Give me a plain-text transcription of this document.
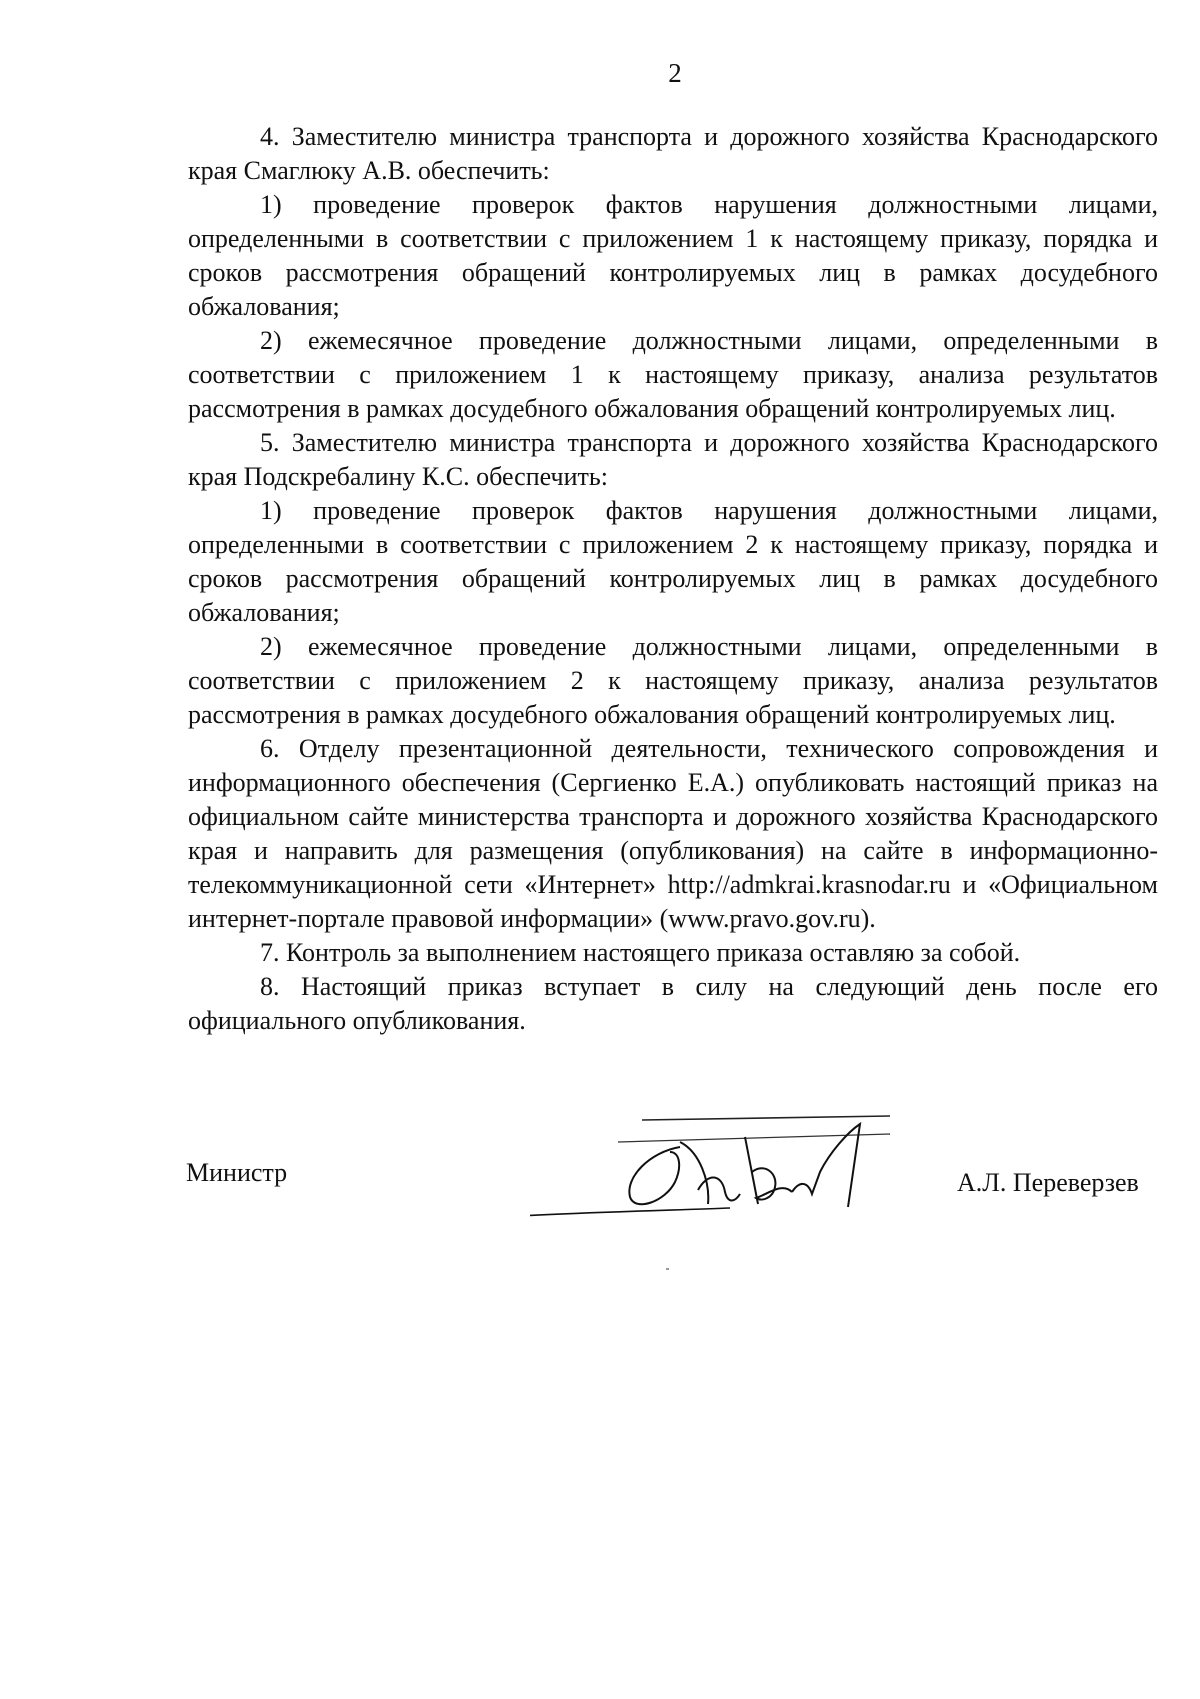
2

4. Заместителю министра транспорта и дорожного хозяйства Краснодарского края Смаглюку А.В. обеспечить:

1) проведение проверок фактов нарушения должностными лицами, определенными в соответствии с приложением 1 к настоящему приказу, порядка и сроков рассмотрения обращений контролируемых лиц в рамках досудебного обжалования;

2) ежемесячное проведение должностными лицами, определенными в соответствии с приложением 1 к настоящему приказу, анализа результатов рассмотрения в рамках досудебного обжалования обращений контролируемых лиц.

5. Заместителю министра транспорта и дорожного хозяйства Краснодарского края Подскребалину К.С. обеспечить:

1) проведение проверок фактов нарушения должностными лицами, определенными в соответствии с приложением 2 к настоящему приказу, порядка и сроков рассмотрения обращений контролируемых лиц в рамках досудебного обжалования;

2) ежемесячное проведение должностными лицами, определенными в соответствии с приложением 2 к настоящему приказу, анализа результатов рассмотрения в рамках досудебного обжалования обращений контролируемых лиц.

6. Отделу презентационной деятельности, технического сопровождения и информационного обеспечения (Сергиенко Е.А.) опубликовать настоящий приказ на официальном сайте министерства транспорта и дорожного хозяйства Краснодарского края и направить для размещения (опубликования) на сайте в информационно-телекоммуникационной сети «Интернет» http://admkrai.krasnodar.ru и «Официальном интернет-портале правовой информации» (www.pravo.gov.ru).

7. Контроль за выполнением настоящего приказа оставляю за собой.

8. Настоящий приказ вступает в силу на следующий день после его официального опубликования.

Министр	А.Л. Переверзев
